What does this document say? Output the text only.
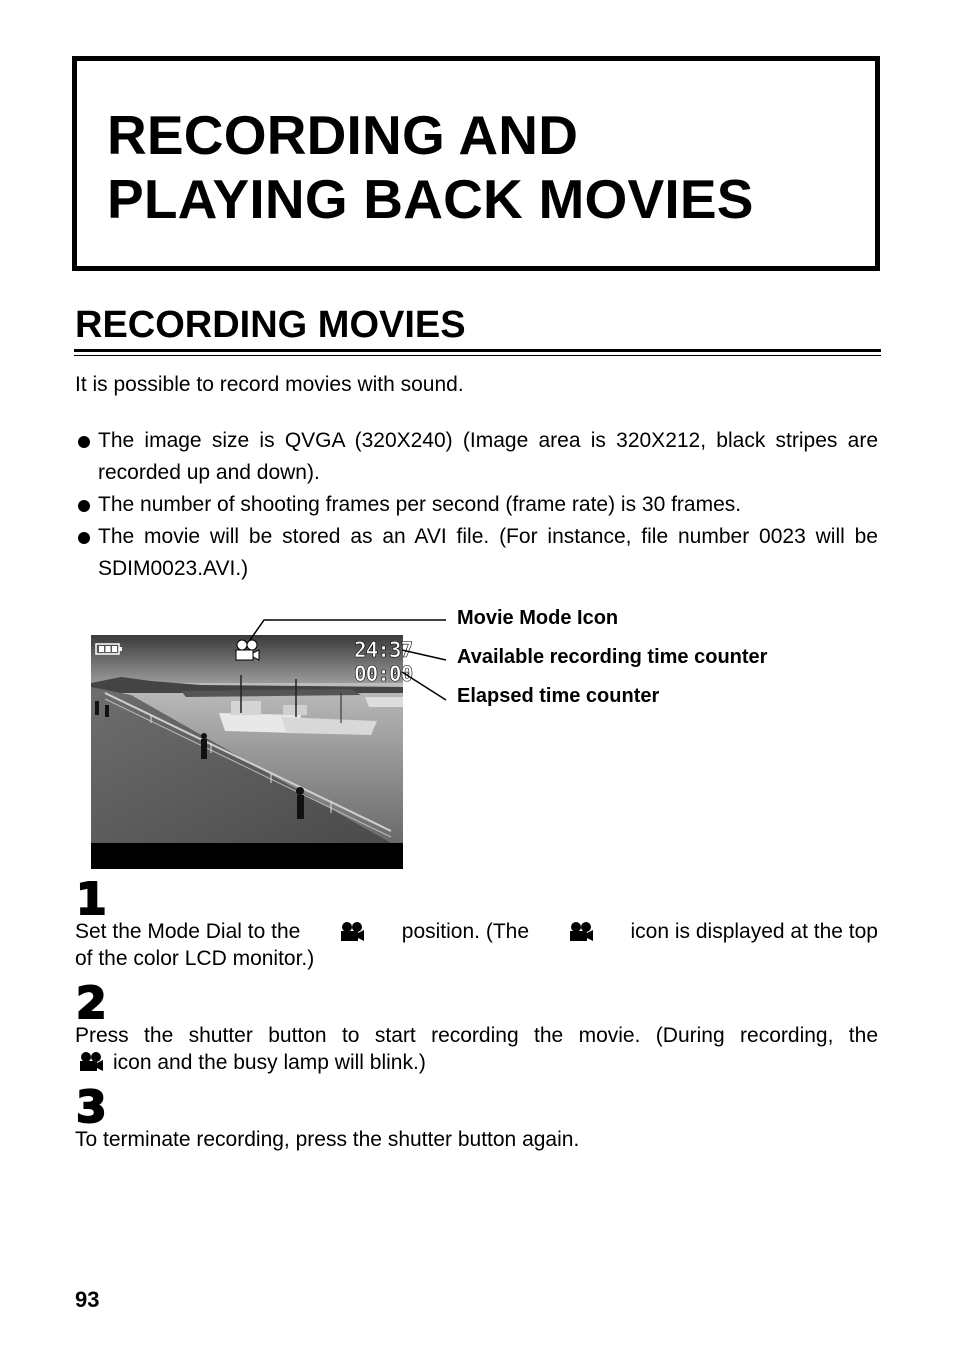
RECORDING AND
PLAYING BACK MOVIES
RECORDING MOVIES
It is possible to record movies with sound.
The image size is QVGA (320X240) (Image area is 320X212, black stripes are
recorded up and down).
The number of shooting frames per second (frame rate) is 30 frames.
The movie will be stored as an AVI file. (For instance, file number 0023 will be
SDIM0023.AVI.)
24:37
00:00
Movie Mode Icon
Available recording time counter
Elapsed time counter
1
Set the Mode Dial to the	position. (The	icon is displayed at the top
of the color LCD monitor.)
2
Press the shutter button to start recording the movie. (During recording, the
icon and the busy lamp will blink.)
3
To terminate recording, press the shutter button again.
93
